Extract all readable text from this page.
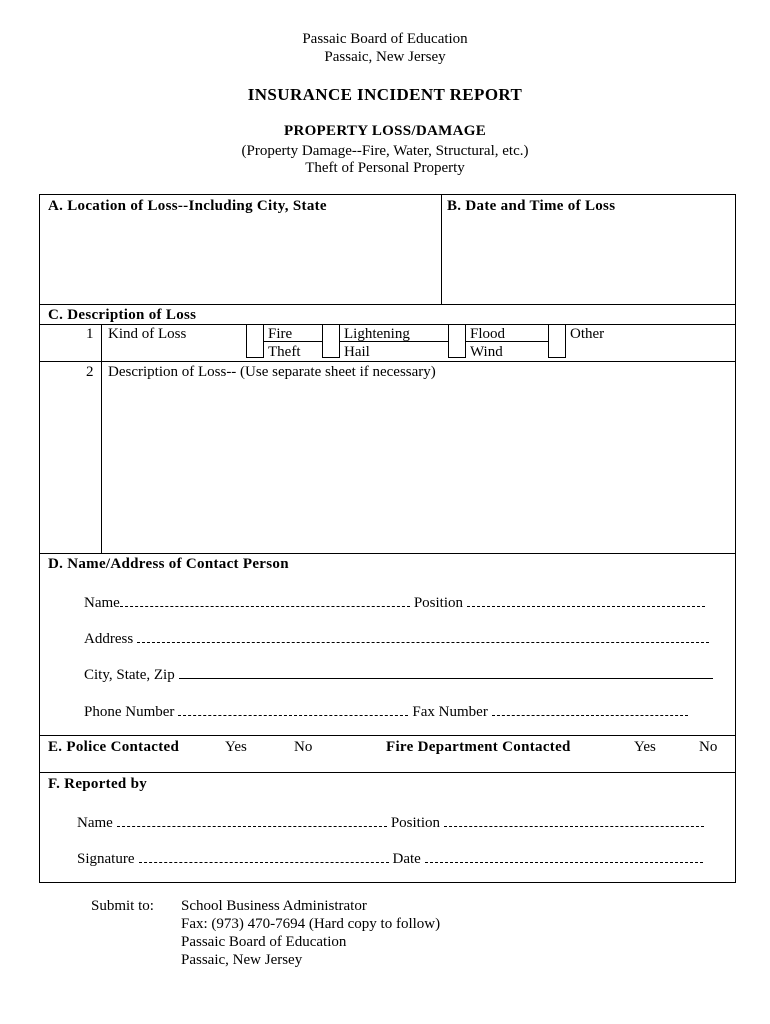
Passaic Board of Education
Passaic, New Jersey
INSURANCE INCIDENT REPORT
PROPERTY LOSS/DAMAGE
(Property Damage--Fire, Water, Structural, etc.)
Theft of Personal Property
A. Location of Loss--Including City, State	B. Date and Time of Loss
C. Description of Loss
1 Kind of Loss	Fire	Lightening	Flood	Other
Theft	Hail	Wind
2 Description of Loss-- (Use separate sheet if necessary)
D. Name/Address of Contact Person
Name	Position
Address
City, State, Zip
Phone Number	Fax Number
E. Police Contacted	Yes	No	Fire Department Contacted	Yes	No
F. Reported by
Name	Position
Signature	Date
Submit to: School Business Administrator
Fax: (973) 470-7694 (Hard copy to follow)
Passaic Board of Education
Passaic, New Jersey
